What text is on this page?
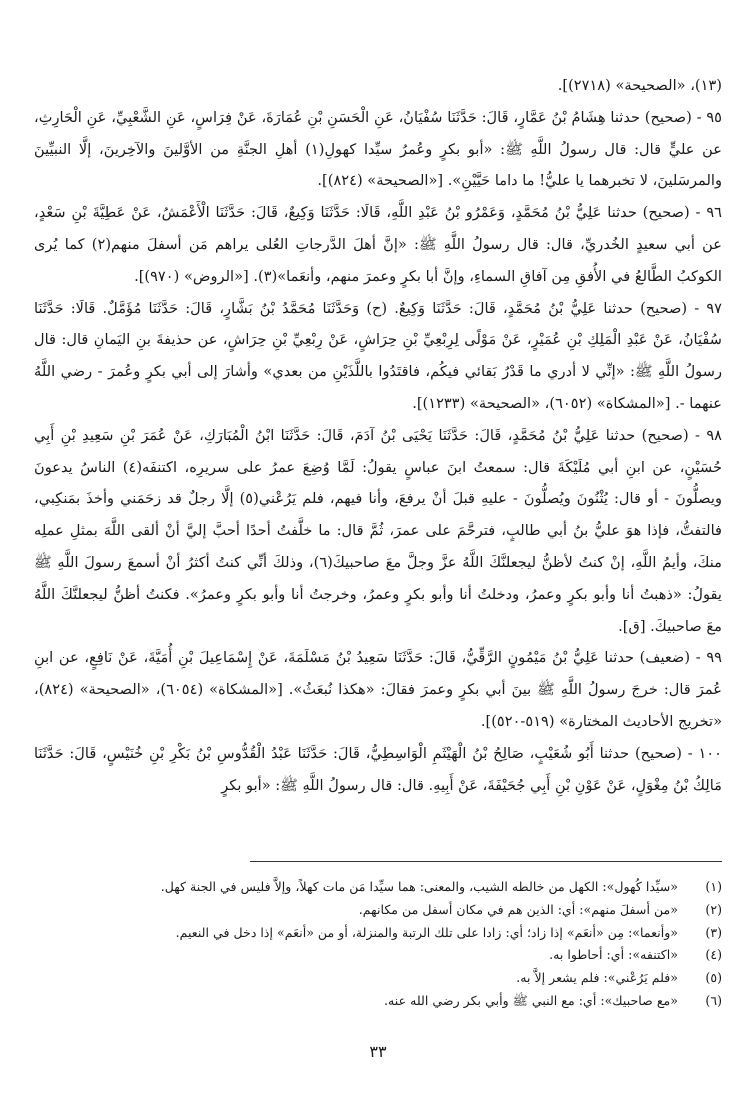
(١٣)، «الصحيحة» (٢٧١٨)].

٩٥ - (صحيح) حدثنا هِشَامُ بْنُ عَمَّارٍ، قَالَ: حَدَّثَنَا سُفْيَانُ، عَنِ الْحَسَنِ بْنِ عُمَارَةَ، عَنْ فِرَاسٍ، عَنِ الشَّعْبِيِّ، عَنِ الْحَارِثِ، عن عليٍّ قال: قال رسولُ اللَّهِ ﷺ: «أبو بكرٍ وعُمرُ سيِّدا كهولِ(١) أهلِ الجنَّةِ من الأوَّلينَ والآخِرينَ، إلَّا النبيِّينَ والمرسَلينَ، لا تخبرهما يا عليُّ! ما داما حَيَّيْنِ». [«الصحيحة» (٨٢٤)].

٩٦ - (صحيح) حدثنا عَلِيُّ بْنُ مُحَمَّدٍ، وَعَمْرُو بْنُ عَبْدِ اللَّهِ، قَالَا: حَدَّثَنَا وَكِيعٌ، قَالَ: حَدَّثَنَا الْأَعْمَشُ، عَنْ عَطِيَّةَ بْنِ سَعْدٍ، عن أبي سعيدٍ الخُدريِّ، قال: قال رسولُ اللَّهِ ﷺ: «إنَّ أهلَ الدَّرجاتِ العُلى يراهم مَن أسفلَ منهم(٢) كما يُرى الكوكبُ الطَّالعُ في الأُفقِ مِن آفاقِ السماءِ، وإنَّ أبا بكرٍ وعمرَ منهم، وأنعَما»(٣). [«الروض» (٩٧٠)].

٩٧ - (صحيح) حدثنا عَلِيُّ بْنُ مُحَمَّدٍ، قَالَ: حَدَّثَنَا وَكِيعٌ. (ح) وَحَدَّثَنَا مُحَمَّدُ بْنُ بَشَّارٍ، قَالَ: حَدَّثَنَا مُؤَمَّلٌ. قَالَا: حَدَّثَنَا سُفْيَانُ، عَنْ عَبْدِ الْمَلِكِ بْنِ عُمَيْرٍ، عَنْ مَوْلًى لِرِبْعِيِّ بْنِ حِرَاشٍ، عَنْ رِبْعِيِّ بْنِ حِرَاشٍ، عن حذيفةَ بنِ اليَمانِ قال: قال رسولُ اللَّهِ ﷺ: «إنِّي لا أدري ما قَدْرُ بَقائي فيكُم، فاقتَدُوا باللَّذَيْنِ من بعدي» وأشارَ إلى أبي بكرٍ وعُمرَ - رضي اللَّهُ عنهما -. [«المشكاة» (٦٠٥٢)، «الصحيحة» (١٢٣٣)].

٩٨ - (صحيح) حدثنا عَلِيُّ بْنُ مُحَمَّدٍ، قَالَ: حَدَّثَنَا يَحْيَى بْنُ آدَمَ، قَالَ: حَدَّثَنَا ابْنُ الْمُبَارَكِ، عَنْ عُمَرَ بْنِ سَعِيدِ بْنِ أَبِي حُسَيْنٍ، عن ابنِ أبي مُلَيْكَةَ قال: سمعتُ ابنَ عباسٍ يقولُ: لَمَّا وُضِعَ عمرُ على سريرِه، اكتنفَه(٤) الناسُ يدعونَ ويصلُّونَ - أو قال: يُثْنُونَ ويُصلُّونَ - عليهِ قبلَ أنْ يرفعَ، وأنا فيهم، فلم يَرُعْني(٥) إلَّا رجلٌ قد زحَمَني وأخذَ بمَنكِبي، فالتفتُّ، فإذا هوَ عليُّ بنُ أبي طالبٍ، فترحَّمَ على عمرَ، ثُمَّ قال: ما خلَّفتُ أحدًا أحبَّ إليَّ أنْ ألقى اللَّهَ بمثلِ عملِه منكَ، وأيمُ اللَّهِ، إنْ كنتُ لأظنُّ ليجعلنَّكَ اللَّهُ عزَّ وجلَّ معَ صاحبيكَ(٦)، وذلكَ أنِّي كنتُ أكثرُ أنْ أسمعَ رسولَ اللَّهِ ﷺ يقولُ: «ذهبتُ أنا وأبو بكرٍ وعمرُ، ودخلتُ أنا وأبو بكرٍ وعمرُ، وخرجتُ أنا وأبو بكرٍ وعمرُ». فكنتُ أظنُّ ليجعلنَّكَ اللَّهُ معَ صاحبيكَ. [ق].

٩٩ - (ضعيف) حدثنا عَلِيُّ بْنُ مَيْمُونٍ الرَّقِّيُّ، قَالَ: حَدَّثَنَا سَعِيدُ بْنُ مَسْلَمَةَ، عَنْ إِسْمَاعِيلَ بْنِ أُمَيَّةَ، عَنْ نَافِعٍ، عن ابنِ عُمرَ قال: خرجَ رسولُ اللَّهِ ﷺ بينَ أبي بكرٍ وعمرَ فقالَ: «هكذا نُبعَثُ». [«المشكاة» (٦٠٥٤)، «الصحيحة» (٨٢٤)، «تخريج الأحاديث المختارة» (٥١٩-٥٢٠)].

١٠٠ - (صحيح) حدثنا أَبُو شُعَيْبٍ، صَالِحُ بْنُ الْهَيْثَمِ الْوَاسِطِيُّ، قَالَ: حَدَّثَنَا عَبْدُ الْقُدُّوسِ بْنُ بَكْرِ بْنِ خُنَيْسٍ، قَالَ: حَدَّثَنَا مَالِكُ بْنُ مِغْوَلٍ، عَنْ عَوْنِ بْنِ أَبِي جُحَيْفَةَ، عَنْ أَبِيهِ. قال: قال رسولُ اللَّهِ ﷺ: «أبو بكرٍ

(١)
«سيِّدا كُهول»: الكهل من خالطه الشيب، والمعنى: هما سيِّدا مَن مات كهلاً، وإلاَّ فليس في الجنة كهل.
(٢)
«من أسفلَ منهم»: أي: الذين هم في مكان أسفل من مكانهم.
(٣)
«وأنعما»: مِن «أنعَم» إذا زاد؛ أي: زادا على تلك الرتبة والمنزلة، أو من «أنعَم» إذا دخل في النعيم.
(٤)
«اكتنفه»: أي: أحاطوا به.
(٥)
«فلم يَرُعْني»: فلم يشعر إلاَّ به.
(٦)
«مع صاحبيك»: أي: مع النبي ﷺ وأبي بكر رضي الله عنه.
٣٣
